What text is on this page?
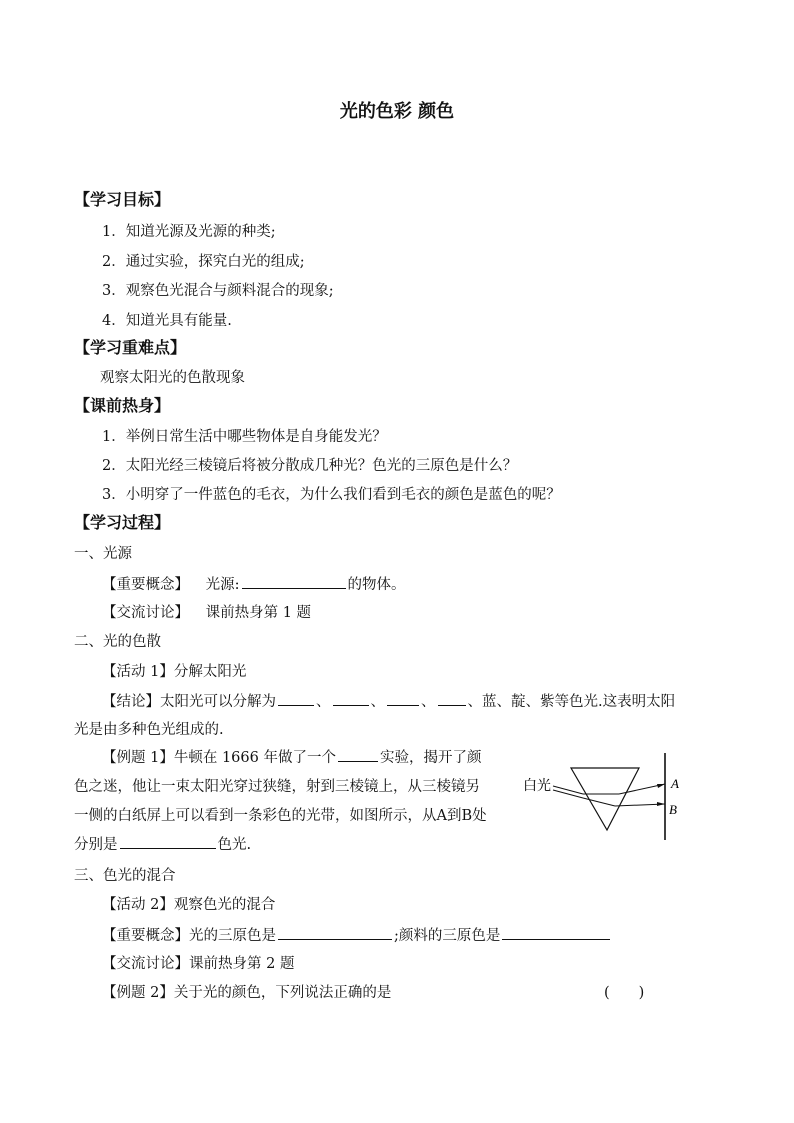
光的色彩 颜色
【学习目标】
1．知道光源及光源的种类;
2．通过实验，探究白光的组成;
3．观察色光混合与颜料混合的现象;
4．知道光具有能量.
【学习重难点】
观察太阳光的色散现象
【课前热身】
1．举例日常生活中哪些物体是自身能发光？
2．太阳光经三棱镜后将被分散成几种光？色光的三原色是什么？
3．小明穿了一件蓝色的毛衣，为什么我们看到毛衣的颜色是蓝色的呢？
【学习过程】
一、光源
【重要概念】 光源:	的物体。
【交流讨论】 课前热身第 1 题
二、光的色散
【活动 1】分解太阳光
【结论】太阳光可以分解为	、	、 、 、蓝、靛、紫等色光.这表明太阳
光是由多种色光组成的.
【例题 1】牛顿在 1666 年做了一个	实验，揭开了颜色之迷，他让一束太阳光穿过狭缝，射到三棱镜上，从三棱镜另一侧的白纸屏上可以看到一条彩色的光带，如图所示，从A到B处分别是	色光.
白光	A
B
三、色光的混合
【活动 2】观察色光的混合
【重要概念】光的三原色是	;颜料的三原色是
【交流讨论】课前热身第 2 题
【例题 2】关于光的颜色，下列说法正确的是	(　　)
